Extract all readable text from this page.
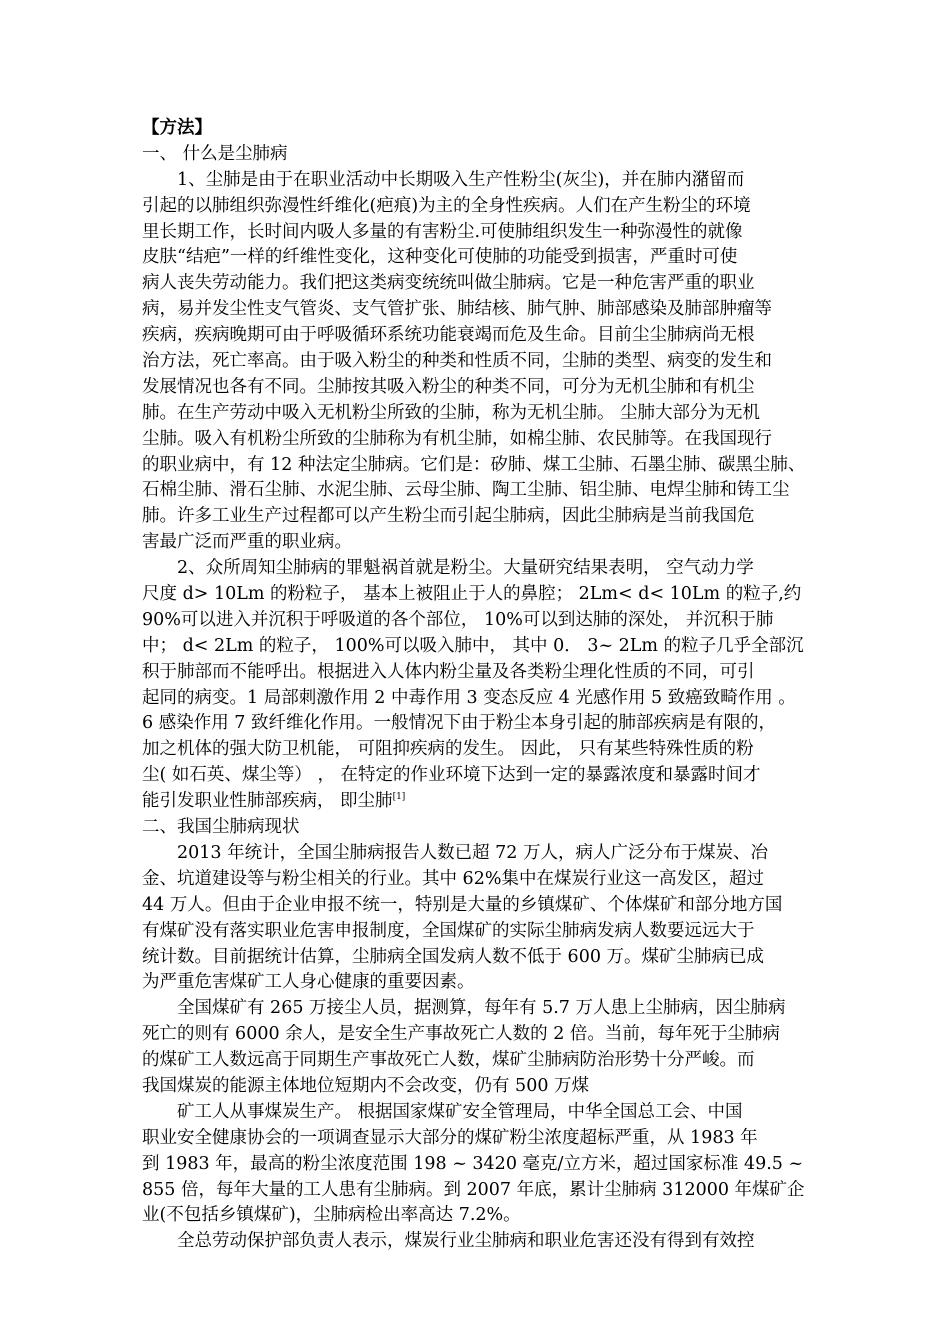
【方法】
一、 什么是尘肺病
1、尘肺是由于在职业活动中长期吸入生产性粉尘(灰尘)，并在肺内潴留而
引起的以肺组织弥漫性纤维化(疤痕)为主的全身性疾病。人们在产生粉尘的环境
里长期工作，长时间内吸人多量的有害粉尘.可使肺组织发生一种弥漫性的就像
皮肤“结疤”一样的纤维性变化，这种变化可使肺的功能受到损害，严重时可使
病人丧失劳动能力。我们把这类病变统统叫做尘肺病。它是一种危害严重的职业
病，易并发尘性支气管炎、支气管扩张、肺结核、肺气肿、肺部感染及肺部肿瘤等
疾病，疾病晚期可由于呼吸循环系统功能衰竭而危及生命。目前尘尘肺病尚无根
治方法，死亡率高。由于吸入粉尘的种类和性质不同，尘肺的类型、病变的发生和
发展情况也各有不同。尘肺按其吸入粉尘的种类不同，可分为无机尘肺和有机尘
肺。在生产劳动中吸入无机粉尘所致的尘肺，称为无机尘肺。 尘肺大部分为无机
尘肺。吸入有机粉尘所致的尘肺称为有机尘肺，如棉尘肺、农民肺等。在我国现行
的职业病中，有 12 种法定尘肺病。它们是：矽肺、煤工尘肺、石墨尘肺、碳黑尘肺、
石棉尘肺、滑石尘肺、水泥尘肺、云母尘肺、陶工尘肺、铝尘肺、电焊尘肺和铸工尘
肺。许多工业生产过程都可以产生粉尘而引起尘肺病，因此尘肺病是当前我国危
害最广泛而严重的职业病。
2、众所周知尘肺病的罪魁祸首就是粉尘。大量研究结果表明， 空气动力学
尺度 d> 10Lm 的粉粒子， 基本上被阻止于人的鼻腔； 2Lm< d< 10Lm 的粒子,约
90%可以进入并沉积于呼吸道的各个部位， 10%可以到达肺的深处， 并沉积于肺
中； d< 2Lm 的粒子， 100%可以吸入肺中， 其中 0． 3~ 2Lm 的粒子几乎全部沉
积于肺部而不能呼出。根据进入人体内粉尘量及各类粉尘理化性质的不同，可引
起同的病变。1 局部刺激作用 2 中毒作用 3 变态反应 4 光感作用 5 致癌致畸作用 。
6 感染作用 7 致纤维化作用。一般情况下由于粉尘本身引起的肺部疾病是有限的，
加之机体的强大防卫机能， 可阻抑疾病的发生。 因此， 只有某些特殊性质的粉
尘( 如石英、煤尘等） ， 在特定的作业环境下达到一定的暴露浓度和暴露时间才
能引发职业性肺部疾病， 即尘肺[1]
二、我国尘肺病现状
2013 年统计，全国尘肺病报告人数已超 72 万人，病人广泛分布于煤炭、冶
金、坑道建设等与粉尘相关的行业。其中 62%集中在煤炭行业这一高发区，超过
44 万人。但由于企业申报不统一，特别是大量的乡镇煤矿、个体煤矿和部分地方国
有煤矿没有落实职业危害申报制度，全国煤矿的实际尘肺病发病人数要远远大于
统计数。目前据统计估算，尘肺病全国发病人数不低于 600 万。煤矿尘肺病已成
为严重危害煤矿工人身心健康的重要因素。
全国煤矿有 265 万接尘人员，据测算，每年有 5.7 万人患上尘肺病，因尘肺病
死亡的则有 6000 余人，是安全生产事故死亡人数的 2 倍。当前，每年死于尘肺病
的煤矿工人数远高于同期生产事故死亡人数，煤矿尘肺病防治形势十分严峻。而
我国煤炭的能源主体地位短期内不会改变，仍有 500 万煤
矿工人从事煤炭生产。 根据国家煤矿安全管理局，中华全国总工会、中国
职业安全健康协会的一项调查显示大部分的煤矿粉尘浓度超标严重，从 1983 年
到 1983 年，最高的粉尘浓度范围 198 ~ 3420 毫克/立方米，超过国家标准 49.5 ~
855 倍，每年大量的工人患有尘肺病。到 2007 年底，累计尘肺病 312000 年煤矿企
业(不包括乡镇煤矿)，尘肺病检出率高达 7.2%。
全总劳动保护部负责人表示，煤炭行业尘肺病和职业危害还没有得到有效控
